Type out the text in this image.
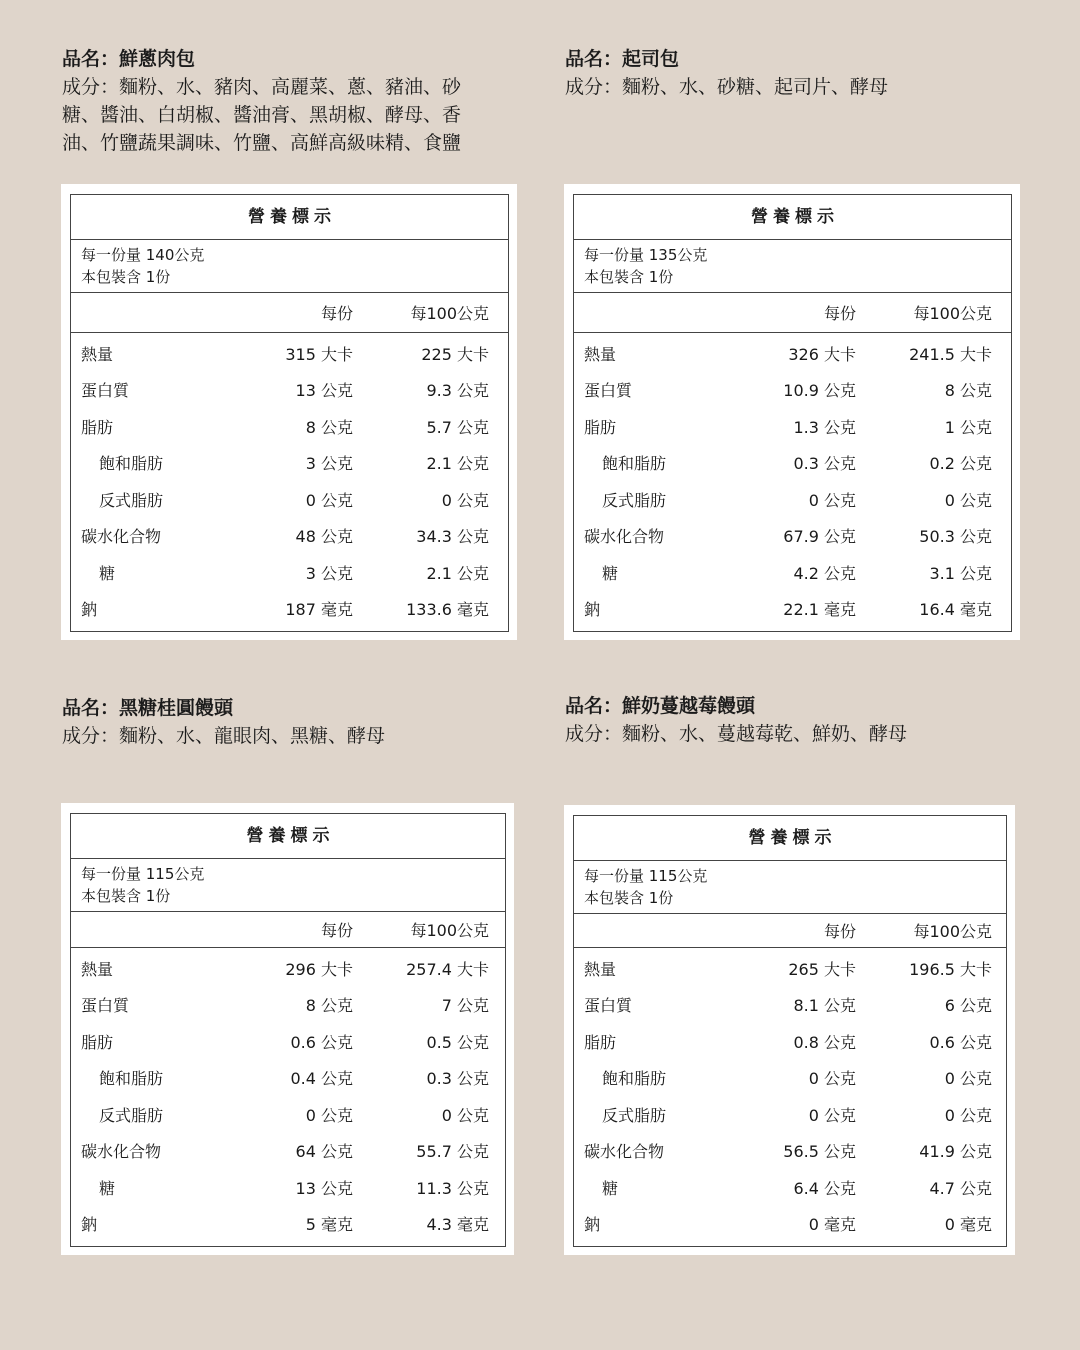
品名：鮮蔥肉包
成分：麵粉、水、豬肉、高麗菜、蔥、豬油、砂
糖、醬油、白胡椒、醬油膏、黑胡椒、酵母、香
油、竹鹽蔬果調味、竹鹽、高鮮高級味精、食鹽
營養標示
每一份量 140公克
本包裝含 1份
每份	每100公克
熱量	315 大卡	225 大卡
蛋白質	13 公克	9.3 公克
脂肪	8 公克	5.7 公克
飽和脂肪	3 公克	2.1 公克
反式脂肪	0 公克	0 公克
碳水化合物	48 公克	34.3 公克
糖	3 公克	2.1 公克
鈉	187 毫克	133.6 毫克
品名：起司包
成分：麵粉、水、砂糖、起司片、酵母
營養標示
每一份量 135公克
本包裝含 1份
每份	每100公克
熱量	326 大卡	241.5 大卡
蛋白質	10.9 公克	8 公克
脂肪	1.3 公克	1 公克
飽和脂肪	0.3 公克	0.2 公克
反式脂肪	0 公克	0 公克
碳水化合物	67.9 公克	50.3 公克
糖	4.2 公克	3.1 公克
鈉	22.1 毫克	16.4 毫克
品名：黑糖桂圓饅頭
成分：麵粉、水、龍眼肉、黑糖、酵母
營養標示
每一份量 115公克
本包裝含 1份
每份	每100公克
熱量	296 大卡	257.4 大卡
蛋白質	8 公克	7 公克
脂肪	0.6 公克	0.5 公克
飽和脂肪	0.4 公克	0.3 公克
反式脂肪	0 公克	0 公克
碳水化合物	64 公克	55.7 公克
糖	13 公克	11.3 公克
鈉	5 毫克	4.3 毫克
品名：鮮奶蔓越莓饅頭
成分：麵粉、水、蔓越莓乾、鮮奶、酵母
營養標示
每一份量 115公克
本包裝含 1份
每份	每100公克
熱量	265 大卡	196.5 大卡
蛋白質	8.1 公克	6 公克
脂肪	0.8 公克	0.6 公克
飽和脂肪	0 公克	0 公克
反式脂肪	0 公克	0 公克
碳水化合物	56.5 公克	41.9 公克
糖	6.4 公克	4.7 公克
鈉	0 毫克	0 毫克
